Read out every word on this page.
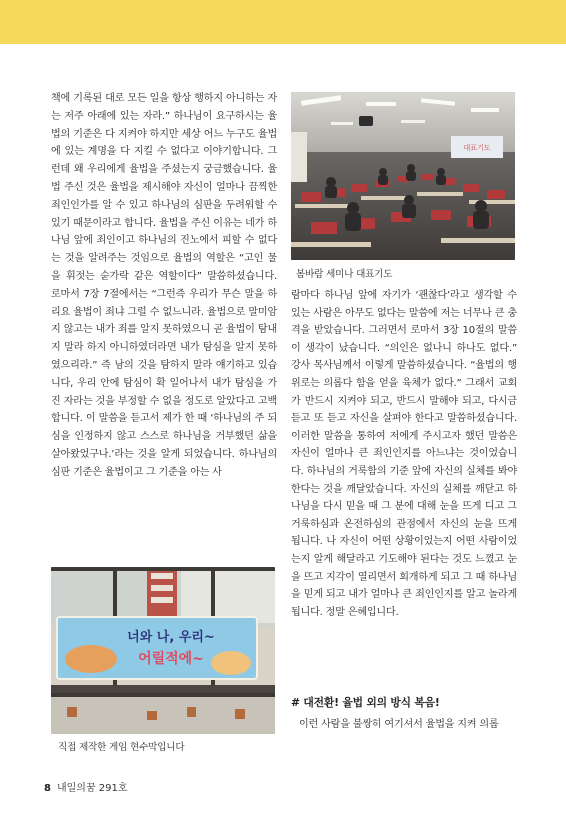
책에 기록된 대로 모든 일을 항상 행하지 아니하는 자는 저주 아래에 있는 자라.” 하나님이 요구하시는 율법의 기준은 다 지켜야 하지만 세상 어느 누구도 율법에 있는 계명을 다 지킬 수 없다고 이야기합니다. 그런데 왜 우리에게 율법을 주셨는지 궁금했습니다. 율법 주신 것은 율법을 제시해야 자신이 얼마나 끔찍한 죄인인가를 알 수 있고 하나님의 심판을 두려워할 수 있기 때문이라고 합니다. 율법을 주신 이유는 네가 하나님 앞에 죄인이고 하나님의 진노에서 피할 수 없다는 것을 알려주는 것임으로 율법의 역할은 “고인 물을 휘젓는 숟가락 같은 역할이다” 말씀하셨습니다. 로마서 7장 7절에서는 “그런즉 우리가 무슨 말을 하리요 율법이 죄냐 그럴 수 없느니라. 율법으로 말미암지 않고는 내가 죄를 알지 못하였으니 곧 율법이 탐내지 말라 하지 아니하였더라면 내가 탐심을 알지 못하였으리라.” 즉 남의 것을 탐하지 말라 얘기하고 있습니다, 우리 안에 탐심이 확 일어나서 내가 탐심을 가진 자라는 것을 부정할 수 없을 정도로 알았다고 고백합니다. 이 말씀을 듣고서 제가 한 때 ‘하나님의 주 되심을 인정하지 않고 스스로 하나님을 거부했던 삶을 살아왔었구나.’라는 것을 알게 되었습니다. 하나님의 심판 기준은 율법이고 그 기준을 아는 사

대표기도
봄바람 세미나 대표기도

람마다 하나님 앞에 자기가 ‘괜찮다’라고 생각할 수 있는 사람은 아무도 없다는 말씀에 저는 너무나 큰 충격을 받았습니다. 그러면서 로마서 3장 10절의 말씀이 생각이 났습니다. “의인은 없나니 하나도 없다.” 강사 목사님께서 이렇게 말씀하셨습니다. “율법의 행위로는 의롭다 함을 얻을 육체가 없다.” 그래서 교회가 반드시 지켜야 되고, 반드시 말해야 되고, 다시금 듣고 또 듣고 자신을 살펴야 한다고 말씀하셨습니다. 이러한 말씀을 통하여 저에게 주시고자 했던 말씀은 자신이 얼마나 큰 죄인인지를 아느냐는 것이었습니다. 하나님의 거룩함의 기준 앞에 자신의 실체를 봐야 한다는 것을 깨달았습니다. 자신의 실체를 깨닫고 하나님을 다시 믿을 때 그 분에 대해 눈을 뜨게 디고 그 거룩하심과 온전하심의 관점에서 자신의 눈을 뜨게 됩니다. 나 자신이 어떤 상황이었는지 어떤 사람이었는지 알게 해달라고 기도해야 된다는 것도 느꼈고 눈을 뜨고 지각이 열리면서 회개하게 되고 그 때 하나님을 믿게 되고 내가 얼마나 큰 죄인인지를 알고 놀라게 됩니다. 정말 은혜입니다.

# 대전환! 율법 외의 방식 복음!
이런 사람을 불쌍히 여기셔서 율법을 지켜 의롭
너와 나, 우리~
어릴적에~
직접 제작한 게임 현수막입니다
8 내일의꿈 291호
